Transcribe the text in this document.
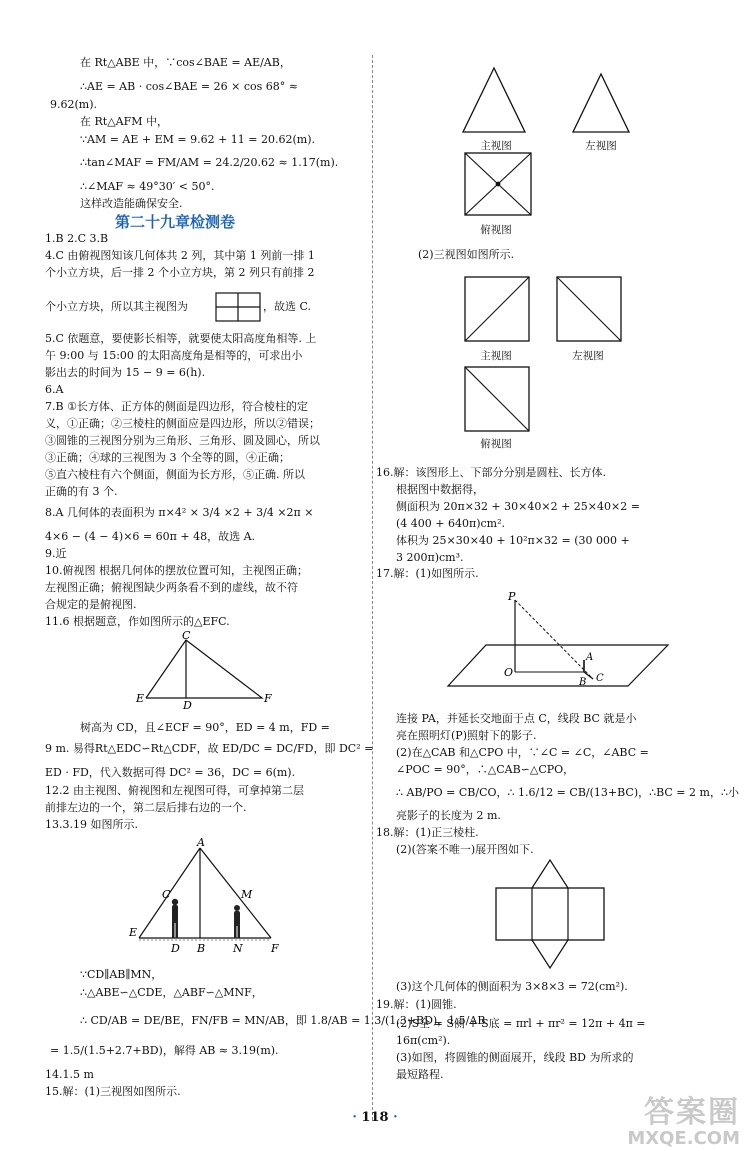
在 Rt△ABE 中，∵cos∠BAE = AE/AB，
∴AE = AB · cos∠BAE = 26 × cos 68° ≈
9.62(m).
在 Rt△AFM 中，
∵AM = AE + EM = 9.62 + 11 = 20.62(m).
∴tan∠MAF = FM/AM = 24.2/20.62 ≈ 1.17(m).
∴∠MAF ≈ 49°30′ < 50°.
这样改造能确保安全.
第二十九章检测卷
1.B 2.C 3.B
4.C 由俯视图知该几何体共 2 列，其中第 1 列前一排 1
个小立方块，后一排 2 个小立方块，第 2 列只有前排 2
个小立方块，所以其主视图为	，故选 C.
5.C 依题意，要使影长相等，就要使太阳高度角相等. 上
午 9:00 与 15:00 的太阳高度角是相等的，可求出小
影出去的时间为 15 − 9 = 6(h).
6.A
7.B ①长方体、正方体的侧面是四边形，符合棱柱的定
义，①正确；②三棱柱的侧面应是四边形，所以②错误；
③圆锥的三视图分别为三角形、三角形、圆及圆心，所以
③正确；④球的三视图为 3 个全等的圆，④正确；
⑤直六棱柱有六个侧面，侧面为长方形，⑤正确. 所以
正确的有 3 个.
8.A 几何体的表面积为 π×4² × 3/4 ×2 + 3/4 ×2π ×
4×6 − (4 − 4)×6 = 60π + 48，故选 A.
9.近
10.俯视图 根据几何体的摆放位置可知，主视图正确；
左视图正确；俯视图缺少两条看不到的虚线，故不符
合规定的是俯视图.
11.6 根据题意，作如图所示的△EFC.
C
E
D
F
树高为 CD，且∠ECF = 90°，ED = 4 m，FD =
9 m. 易得Rt△EDC∽Rt△CDF，故 ED/DC = DC/FD，即 DC² =
ED · FD，代入数据可得 DC² = 36，DC = 6(m).
12.2 由主视图、俯视图和左视图可得，可拿掉第二层
前排左边的一个，第二层后排右边的一个.
13.3.19 如图所示.
A
C	M
E
D B	N	F
∵CD∥AB∥MN，
∴△ABE∽△CDE，△ABF∽△MNF，
∴ CD/AB = DE/BE，FN/FB = MN/AB，即 1.8/AB = 1.3/(1.3+BD)，1.5/AB
= 1.5/(1.5+2.7+BD)，解得 AB ≈ 3.19(m).
14.1.5 m
15.解：(1)三视图如图所示.
主视图	左视图
俯视图
(2)三视图如图所示.
主视图	左视图
俯视图
16.解：该图形上、下部分分别是圆柱、长方体.
根据图中数据得，
侧面积为 20π×32 + 30×40×2 + 25×40×2 =
(4 400 + 640π)cm².
体积为 25×30×40 + 10²π×32 = (30 000 +
3 200π)cm³.
17.解：(1)如图所示.
P
O
A
B C
连接 PA，并延长交地面于点 C，线段 BC 就是小
亮在照明灯(P)照射下的影子.
(2)在△CAB 和△CPO 中，∵∠C = ∠C，∠ABC =
∠POC = 90°，∴△CAB∽△CPO，
∴ AB/PO = CB/CO，∴ 1.6/12 = CB/(13+BC)，∴BC = 2 m，∴小
亮影子的长度为 2 m.
18.解：(1)正三棱柱.
(2)(答案不唯一)展开图如下.
(3)这个几何体的侧面积为 3×8×3 = 72(cm²).
19.解：(1)圆锥.
(2)S全 = S侧 + S底 = πrl + πr² = 12π + 4π =
16π(cm²).
(3)如图，将圆锥的侧面展开，线段 BD 为所求的
最短路程.
· 118 ·	答案圈
MXQE.COM
